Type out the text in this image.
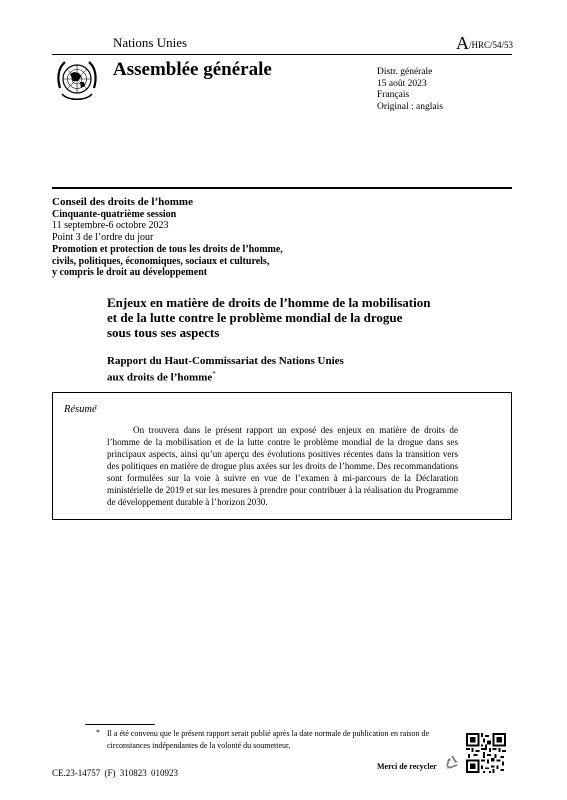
Nations Unies	A/HRC/54/53
Assemblée générale	Distr. générale
15 août 2023
Français
Original : anglais
Conseil des droits de l’homme
Cinquante-quatrième session
11 septembre-6 octobre 2023
Point 3 de l’ordre du jour
Promotion et protection de tous les droits de l’homme,
civils, politiques, économiques, sociaux et culturels,
y compris le droit au développement
Enjeux en matière de droits de l’homme de la mobilisation
et de la lutte contre le problème mondial de la drogue
sous tous ses aspects
Rapport du Haut-Commissariat des Nations Unies
aux droits de l’homme*
Résumé
On trouvera dans le présent rapport un exposé des enjeux en matière de droits de l’homme de la mobilisation et de la lutte contre le problème mondial de la drogue dans ses principaux aspects, ainsi qu’un aperçu des évolutions positives récentes dans la transition vers des politiques en matière de drogue plus axées sur les droits de l’homme. Des recommandations sont formulées sur la voie à suivre en vue de l’examen à mi-parcours de la Déclaration ministérielle de 2019 et sur les mesures à prendre pour contribuer à la réalisation du Programme de développement durable à l’horizon 2030.
* Il a été convenu que le présent rapport serait publié après la date normale de publication en raison de circonstances indépendantes de la volonté du soumetteur.
CE.23-14757 (F) 310823 010923
Merci de recycler
